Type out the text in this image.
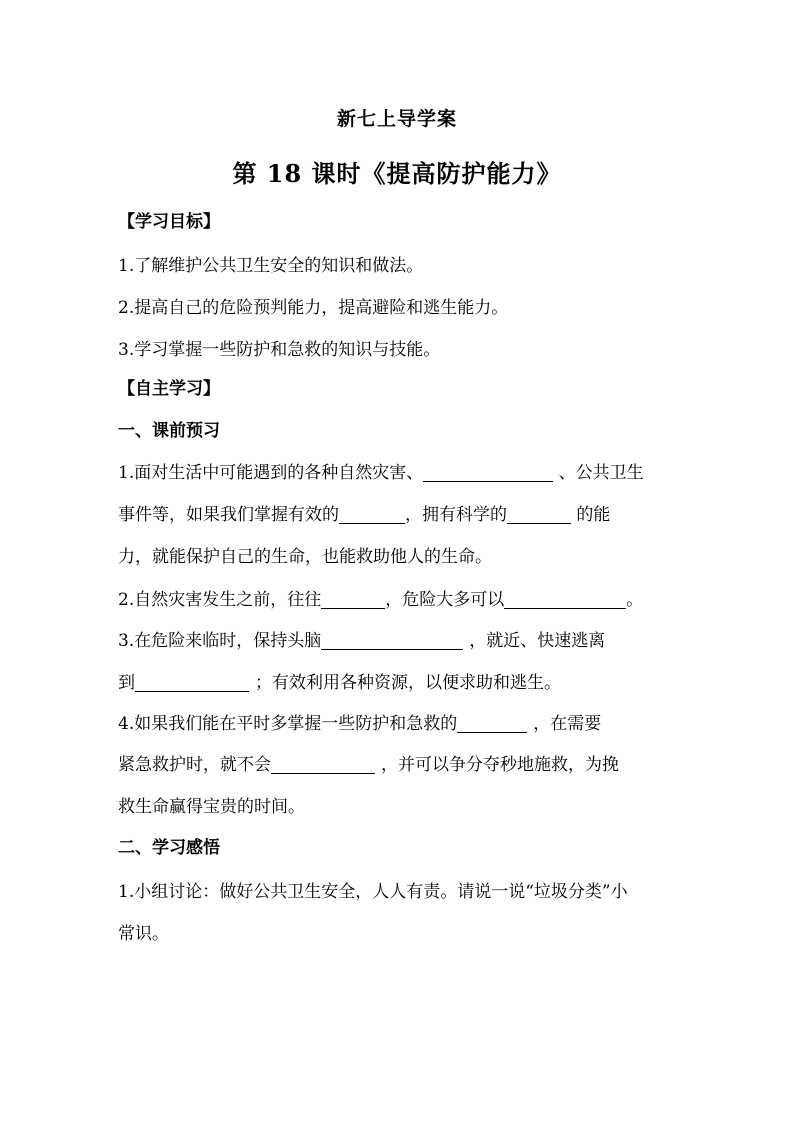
新七上导学案
第 18 课时《提高防护能力》
【学习目标】
1.了解维护公共卫生安全的知识和做法。
2.提高自己的危险预判能力，提高避险和逃生能力。
3.学习掌握一些防护和急救的知识与技能。
【自主学习】
一、课前预习
1.面对生活中可能遇到的各种自然灾害、	、公共卫生
事件等，如果我们掌握有效的	，拥有科学的	的能
力，就能保护自己的生命，也能救助他人的生命。
2.自然灾害发生之前，往往	，危险大多可以	。
3.在危险来临时，保持头脑	，就近、快速逃离
到	；有效利用各种资源，以便求助和逃生。
4.如果我们能在平时多掌握一些防护和急救的	，在需要
紧急救护时，就不会	，并可以争分夺秒地施救，为挽
救生命赢得宝贵的时间。
二、学习感悟
1.小组讨论：做好公共卫生安全，人人有责。请说一说“垃圾分类”小
常识。
